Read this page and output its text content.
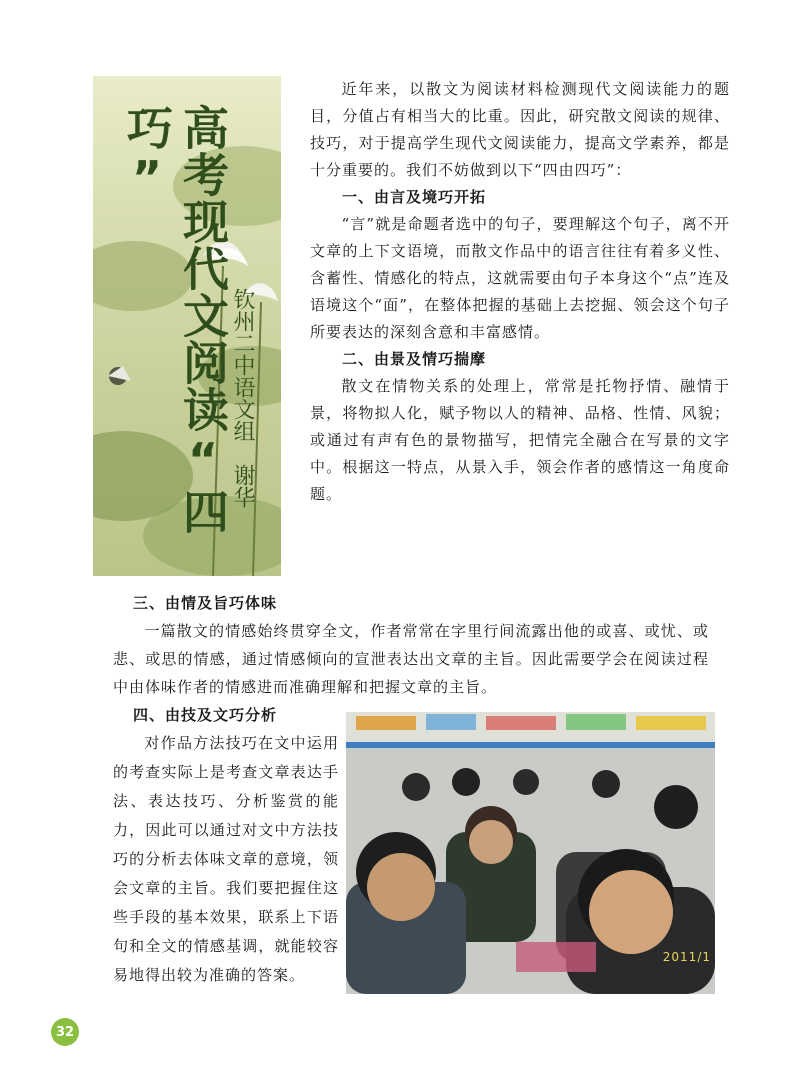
高考现代文阅读“四巧”
钦州二中语文组谢华

近年来，以散文为阅读材料检测现代文阅读能力的题目，分值占有相当大的比重。因此，研究散文阅读的规律、技巧，对于提高学生现代文阅读能力，提高文学素养，都是十分重要的。我们不妨做到以下“四由四巧”：

一、由言及境巧开拓

“言”就是命题者选中的句子，要理解这个句子，离不开文章的上下文语境，而散文作品中的语言往往有着多义性、含蓄性、情感化的特点，这就需要由句子本身这个“点”连及语境这个“面”，在整体把握的基础上去挖掘、领会这个句子所要表达的深刻含意和丰富感情。

二、由景及情巧揣摩

散文在情物关系的处理上，常常是托物抒情、融情于景，将物拟人化，赋予物以人的精神、品格、性情、风貌；或通过有声有色的景物描写，把情完全融合在写景的文字中。根据这一特点，从景入手，领会作者的感情这一角度命题。

三、由情及旨巧体味

一篇散文的情感始终贯穿全文，作者常常在字里行间流露出他的或喜、或忧、或悲、或思的情感，通过情感倾向的宣泄表达出文章的主旨。因此需要学会在阅读过程中由体味作者的情感进而准确理解和把握文章的主旨。

四、由技及文巧分析

对作品方法技巧在文中运用的考查实际上是考查文章表达手法、表达技巧、分析鉴赏的能力，因此可以通过对文中方法技巧的分析去体味文章的意境，领会文章的主旨。我们要把握住这些手段的基本效果，联系上下语句和全文的情感基调，就能较容易地得出较为准确的答案。

2011/1
32
